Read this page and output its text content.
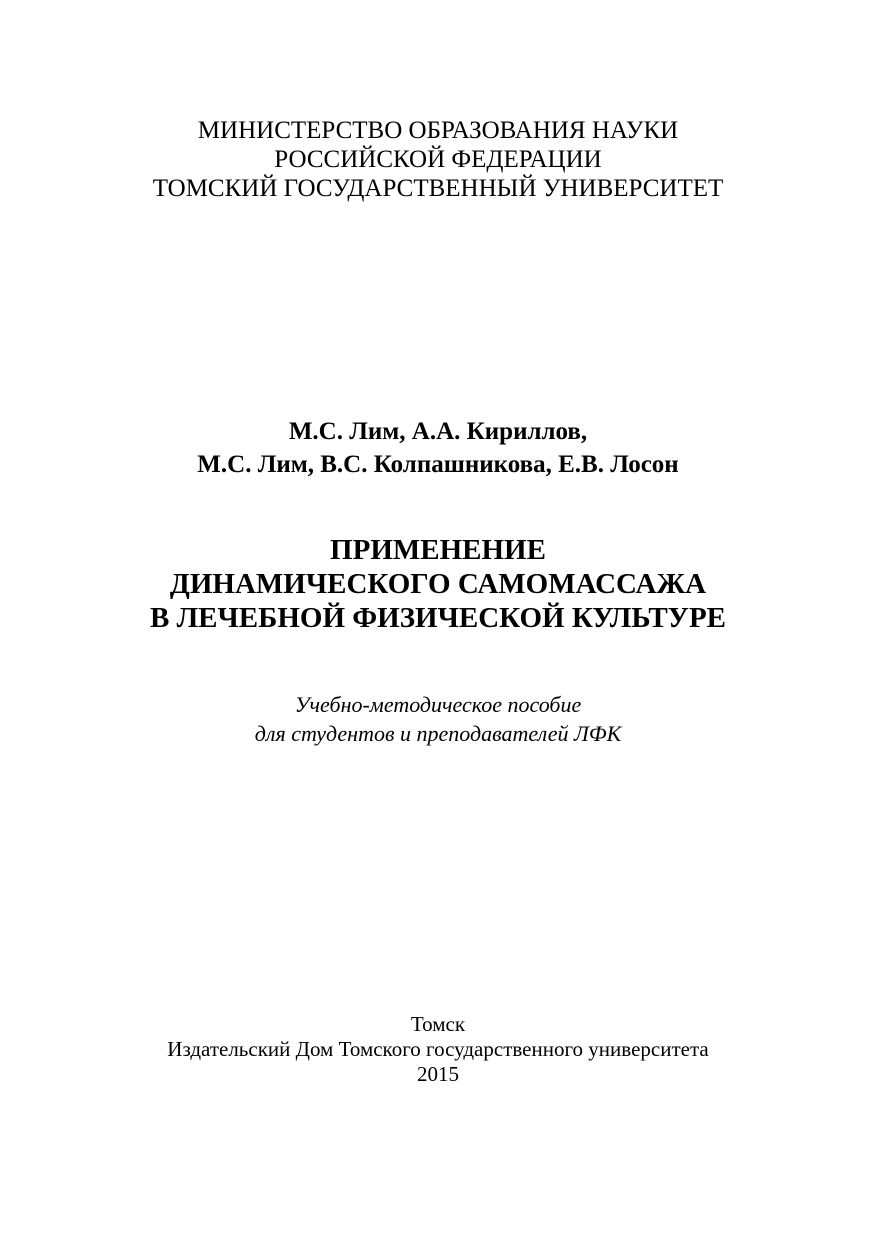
МИНИСТЕРСТВО ОБРАЗОВАНИЯ НАУКИ
РОССИЙСКОЙ ФЕДЕРАЦИИ
ТОМСКИЙ ГОСУДАРСТВЕННЫЙ УНИВЕРСИТЕТ
М.С. Лим, А.А. Кириллов,
М.С. Лим, В.С. Колпашникова, Е.В. Лосон
ПРИМЕНЕНИЕ
ДИНАМИЧЕСКОГО САМОМАССАЖА
В ЛЕЧЕБНОЙ ФИЗИЧЕСКОЙ КУЛЬТУРЕ
Учебно-методическое пособие
для студентов и преподавателей ЛФК
Томск
Издательский Дом Томского государственного университета
2015
